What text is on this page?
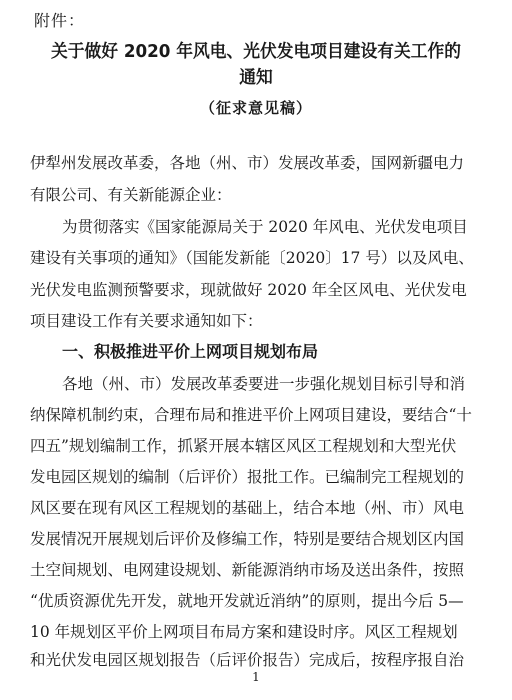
附件：
关于做好 2020 年风电、光伏发电项目建设有关工作的
通知
（征求意见稿）
伊犁州发展改革委，各地（州、市）发展改革委，国网新疆电力
有限公司、有关新能源企业：
为贯彻落实《国家能源局关于 2020 年风电、光伏发电项目
建设有关事项的通知》（国能发新能〔2020〕17 号）以及风电、
光伏发电监测预警要求，现就做好 2020 年全区风电、光伏发电
项目建设工作有关要求通知如下：
一、积极推进平价上网项目规划布局
各地（州、市）发展改革委要进一步强化规划目标引导和消
纳保障机制约束，合理布局和推进平价上网项目建设，要结合“十
四五”规划编制工作，抓紧开展本辖区风区工程规划和大型光伏
发电园区规划的编制（后评价）报批工作。已编制完工程规划的
风区要在现有风区工程规划的基础上，结合本地（州、市）风电
发展情况开展规划后评价及修编工作，特别是要结合规划区内国
土空间规划、电网建设规划、新能源消纳市场及送出条件，按照
“优质资源优先开发，就地开发就近消纳”的原则，提出今后 5—
10 年规划区平价上网项目布局方案和建设时序。风区工程规划
和光伏发电园区规划报告（后评价报告）完成后，按程序报自治
1
